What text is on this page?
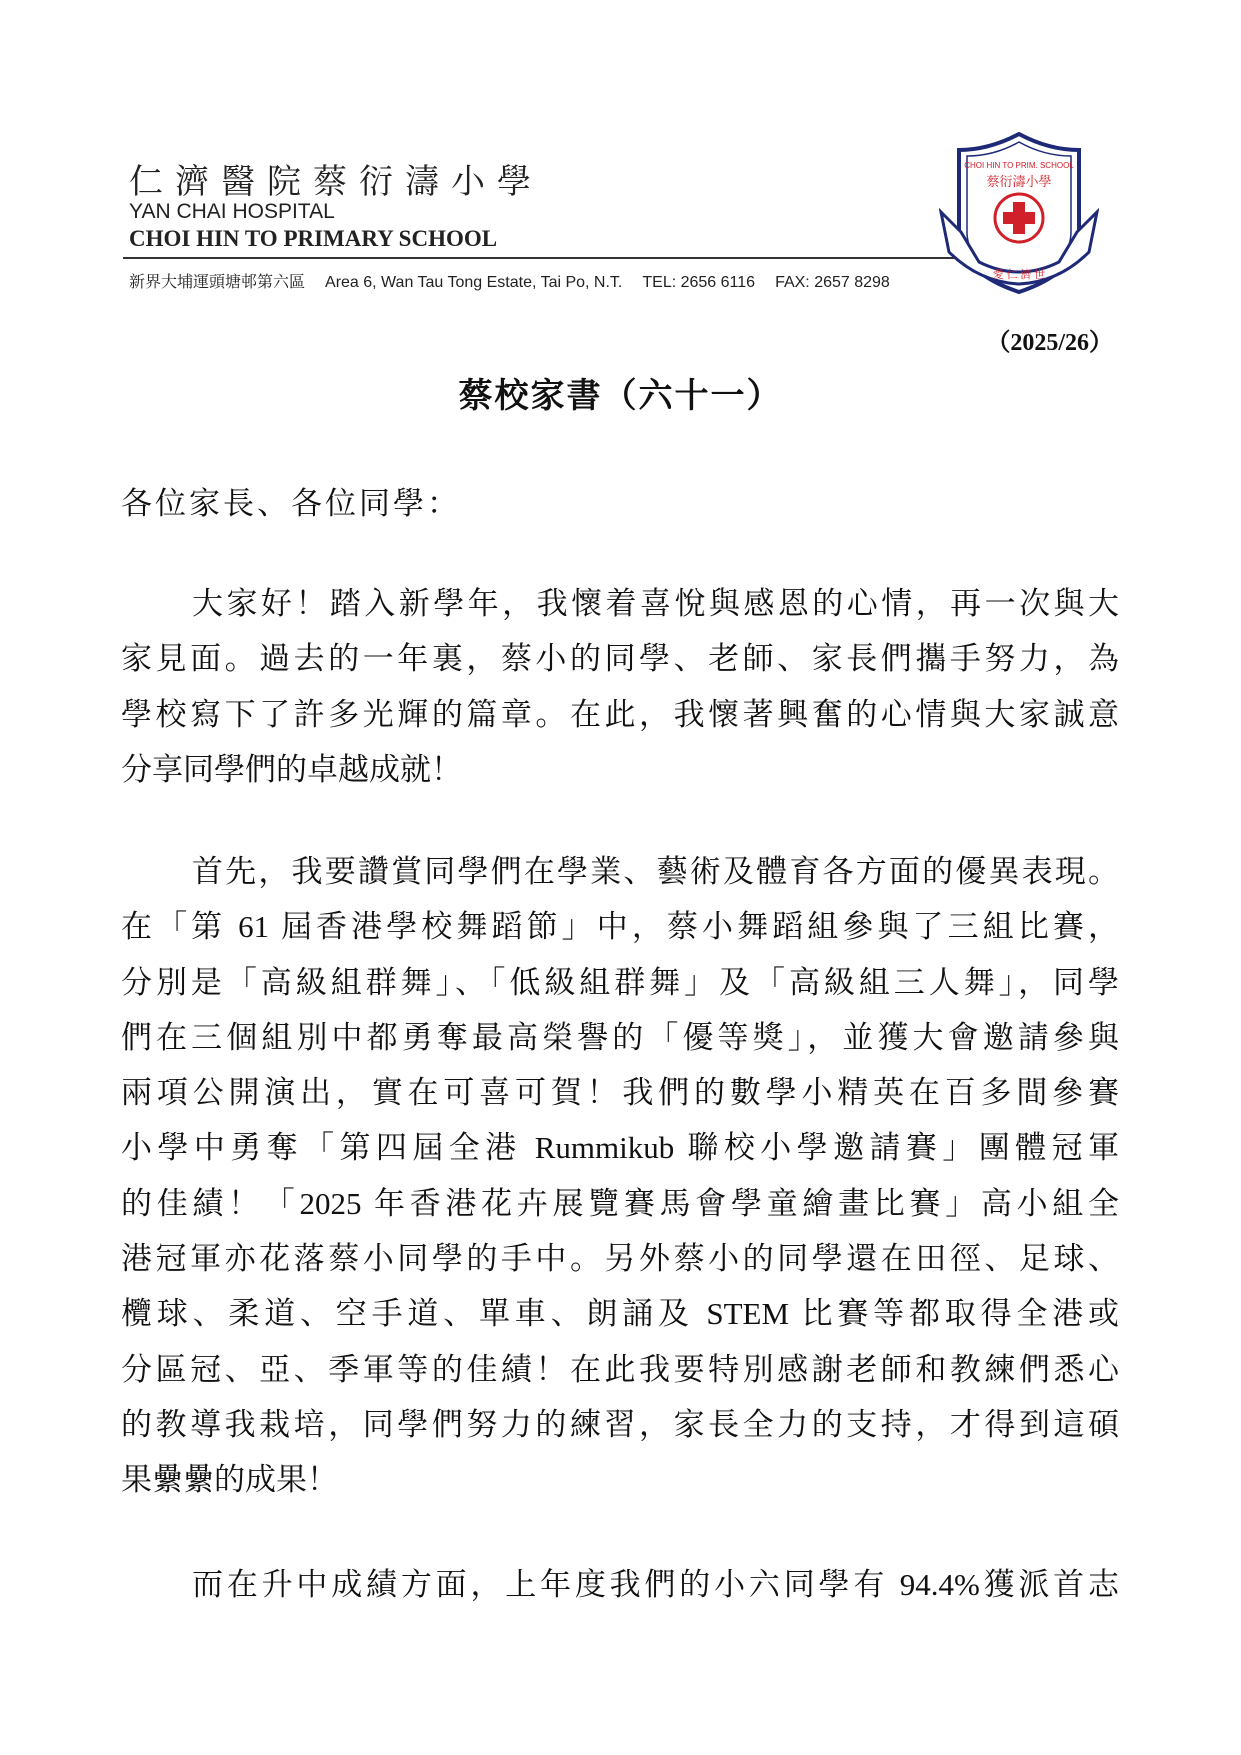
仁濟醫院蔡衍濤小學
YAN CHAI HOSPITAL
CHOI HIN TO PRIMARY SCHOOL
新界大埔運頭塘邨第六區 Area 6, Wan Tau Tong Estate, Tai Po, N.T. TEL: 2656 6116 FAX: 2657 8298
CHOI HIN TO PRIM. SCHOOL
蔡衍濤小學
愛 仁 濟 世
（2025/26）
蔡校家書（六十一）
各位家長、各位同學：
大家好！踏入新學年，我懷着喜悅與感恩的心情，再一次與大
家見面。過去的一年裏，蔡小的同學、老師、家長們攜手努力，為
學校寫下了許多光輝的篇章。在此，我懷著興奮的心情與大家誠意
分享同學們的卓越成就！
首先，我要讚賞同學們在學業、藝術及體育各方面的優異表現。
在「第 61 屆香港學校舞蹈節」中，蔡小舞蹈組參與了三組比賽，
分別是「高級組群舞」、「低級組群舞」及「高級組三人舞」，同學
們在三個組別中都勇奪最高榮譽的「優等獎」，並獲大會邀請參與
兩項公開演出，實在可喜可賀！我們的數學小精英在百多間參賽
小學中勇奪「第四屆全港 Rummikub 聯校小學邀請賽」團體冠軍
的佳績！「2025 年香港花卉展覽賽馬會學童繪畫比賽」高小組全
港冠軍亦花落蔡小同學的手中。另外蔡小的同學還在田徑、足球、
欖球、柔道、空手道、單車、朗誦及 STEM 比賽等都取得全港或
分區冠、亞、季軍等的佳績！在此我要特別感謝老師和教練們悉心
的教導我栽培，同學們努力的練習，家長全力的支持，才得到這碩
果纍纍的成果！
而在升中成績方面，上年度我們的小六同學有 94.4%獲派首志
